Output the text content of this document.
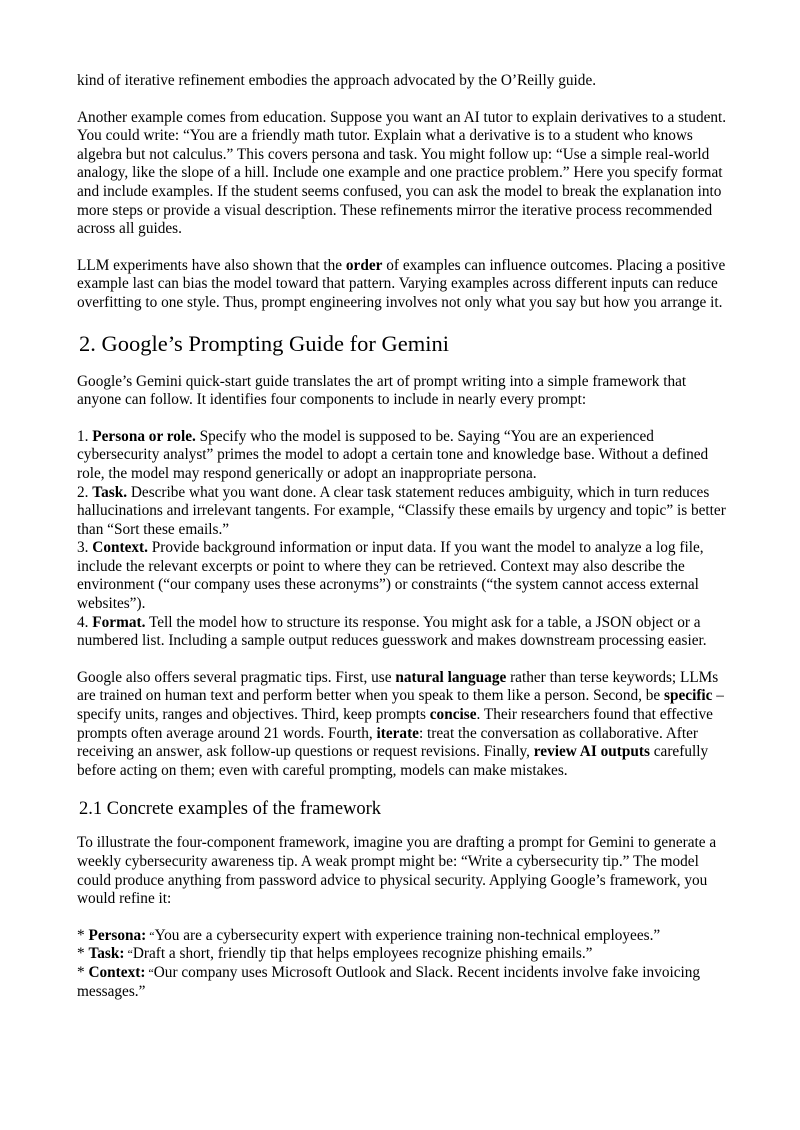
kind of iterative refinement embodies the approach advocated by the O’Reilly guide.

Another example comes from education. Suppose you want an AI tutor to explain derivatives to a student. You could write: “You are a friendly math tutor. Explain what a derivative is to a student who knows algebra but not calculus.” This covers persona and task. You might follow up: “Use a simple real-world analogy, like the slope of a hill. Include one example and one practice problem.” Here you specify format and include examples. If the student seems confused, you can ask the model to break the explanation into more steps or provide a visual description. These refinements mirror the iterative process recommended across all guides.

LLM experiments have also shown that the order of examples can influence outcomes. Placing a positive example last can bias the model toward that pattern. Varying examples across different inputs can reduce overfitting to one style. Thus, prompt engineering involves not only what you say but how you arrange it.

2. Google’s Prompting Guide for Gemini

Google’s Gemini quick-start guide translates the art of prompt writing into a simple framework that anyone can follow. It identifies four components to include in nearly every prompt:

1. Persona or role. Specify who the model is supposed to be. Saying “You are an experienced cybersecurity analyst” primes the model to adopt a certain tone and knowledge base. Without a defined role, the model may respond generically or adopt an inappropriate persona.
2. Task. Describe what you want done. A clear task statement reduces ambiguity, which in turn reduces hallucinations and irrelevant tangents. For example, “Classify these emails by urgency and topic” is better than “Sort these emails.”
3. Context. Provide background information or input data. If you want the model to analyze a log file, include the relevant excerpts or point to where they can be retrieved. Context may also describe the environment (“our company uses these acronyms”) or constraints (“the system cannot access external websites”).
4. Format. Tell the model how to structure its response. You might ask for a table, a JSON object or a numbered list. Including a sample output reduces guesswork and makes downstream processing easier.

Google also offers several pragmatic tips. First, use natural language rather than terse keywords; LLMs are trained on human text and perform better when you speak to them like a person. Second, be specific – specify units, ranges and objectives. Third, keep prompts concise. Their researchers found that effective prompts often average around 21 words. Fourth, iterate: treat the conversation as collaborative. After receiving an answer, ask follow-up questions or request revisions. Finally, review AI outputs carefully before acting on them; even with careful prompting, models can make mistakes.

2.1 Concrete examples of the framework

To illustrate the four-component framework, imagine you are drafting a prompt for Gemini to generate a weekly cybersecurity awareness tip. A weak prompt might be: “Write a cybersecurity tip.” The model could produce anything from password advice to physical security. Applying Google’s framework, you would refine it:

* Persona: “You are a cybersecurity expert with experience training non-technical employees.”
* Task: “Draft a short, friendly tip that helps employees recognize phishing emails.”
* Context: “Our company uses Microsoft Outlook and Slack. Recent incidents involve fake invoicing messages.”
